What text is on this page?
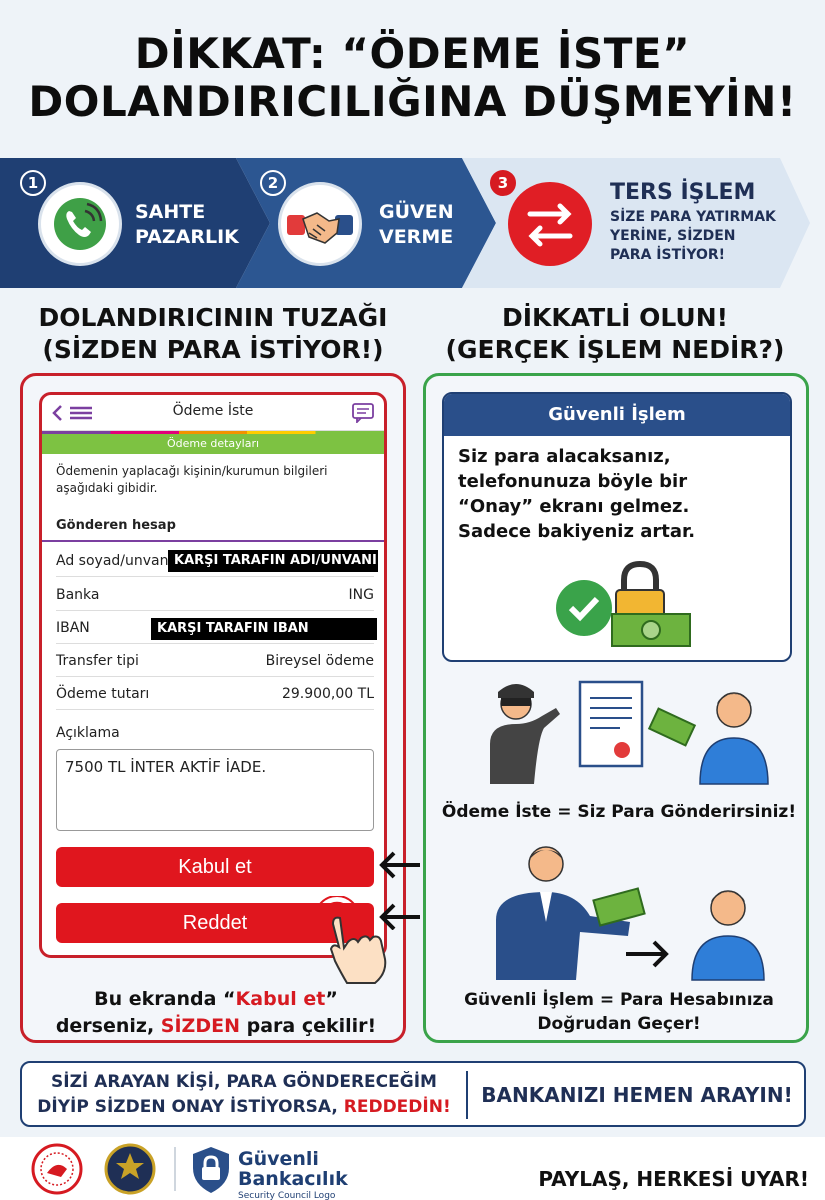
DİKKAT: “ÖDEME İSTE”
DOLANDIRICILIĞINA DÜŞMEYİN!
1
SAHTE
PAZARLIK
2
GÜVEN
VERME
3	TERS İŞLEM
SİZE PARA YATIRMAK
YERİNE, SİZDEN
PARA İSTİYOR!
DOLANDIRICININ TUZAĞI
(SİZDEN PARA İSTİYOR!)
DİKKATLİ OLUN!
(GERÇEK İŞLEM NEDİR?)
Ödeme İste
Ödeme detayları
Ödemenin yaplacağı kişinin/kurumun bilgileri aşağıdaki gibidir.
Gönderen hesap
Ad soyad/unvan KARŞI TARAFIN ADI/UNVANI
Banka	ING
IBAN	KARŞI TARAFIN IBAN
Transfer tipi	Bireysel ödeme
Ödeme tutarı	29.900,00 TL
Açıklama
7500 TL İNTER AKTİF İADE.
Kabul et
Reddet
Bu ekranda “Kabul et”
derseniz, SİZDEN para çekilir!
Güvenli İşlem
Siz para alacaksanız,
telefonunuza böyle bir
“Onay” ekranı gelmez.
Sadece bakiyeniz artar.
Ödeme İste = Siz Para Gönderirsiniz!
Güvenli İşlem = Para Hesabınıza
Doğrudan Geçer!
SİZİ ARAYAN KİŞİ, PARA GÖNDERECEĞİM
DİYİP SİZDEN ONAY İSTİYORSA, REDDEDİN!	BANKANIZI HEMEN ARAYIN!
Güvenli
Bankacılık
Security Council Logo
PAYLAŞ, HERKESİ UYAR!
